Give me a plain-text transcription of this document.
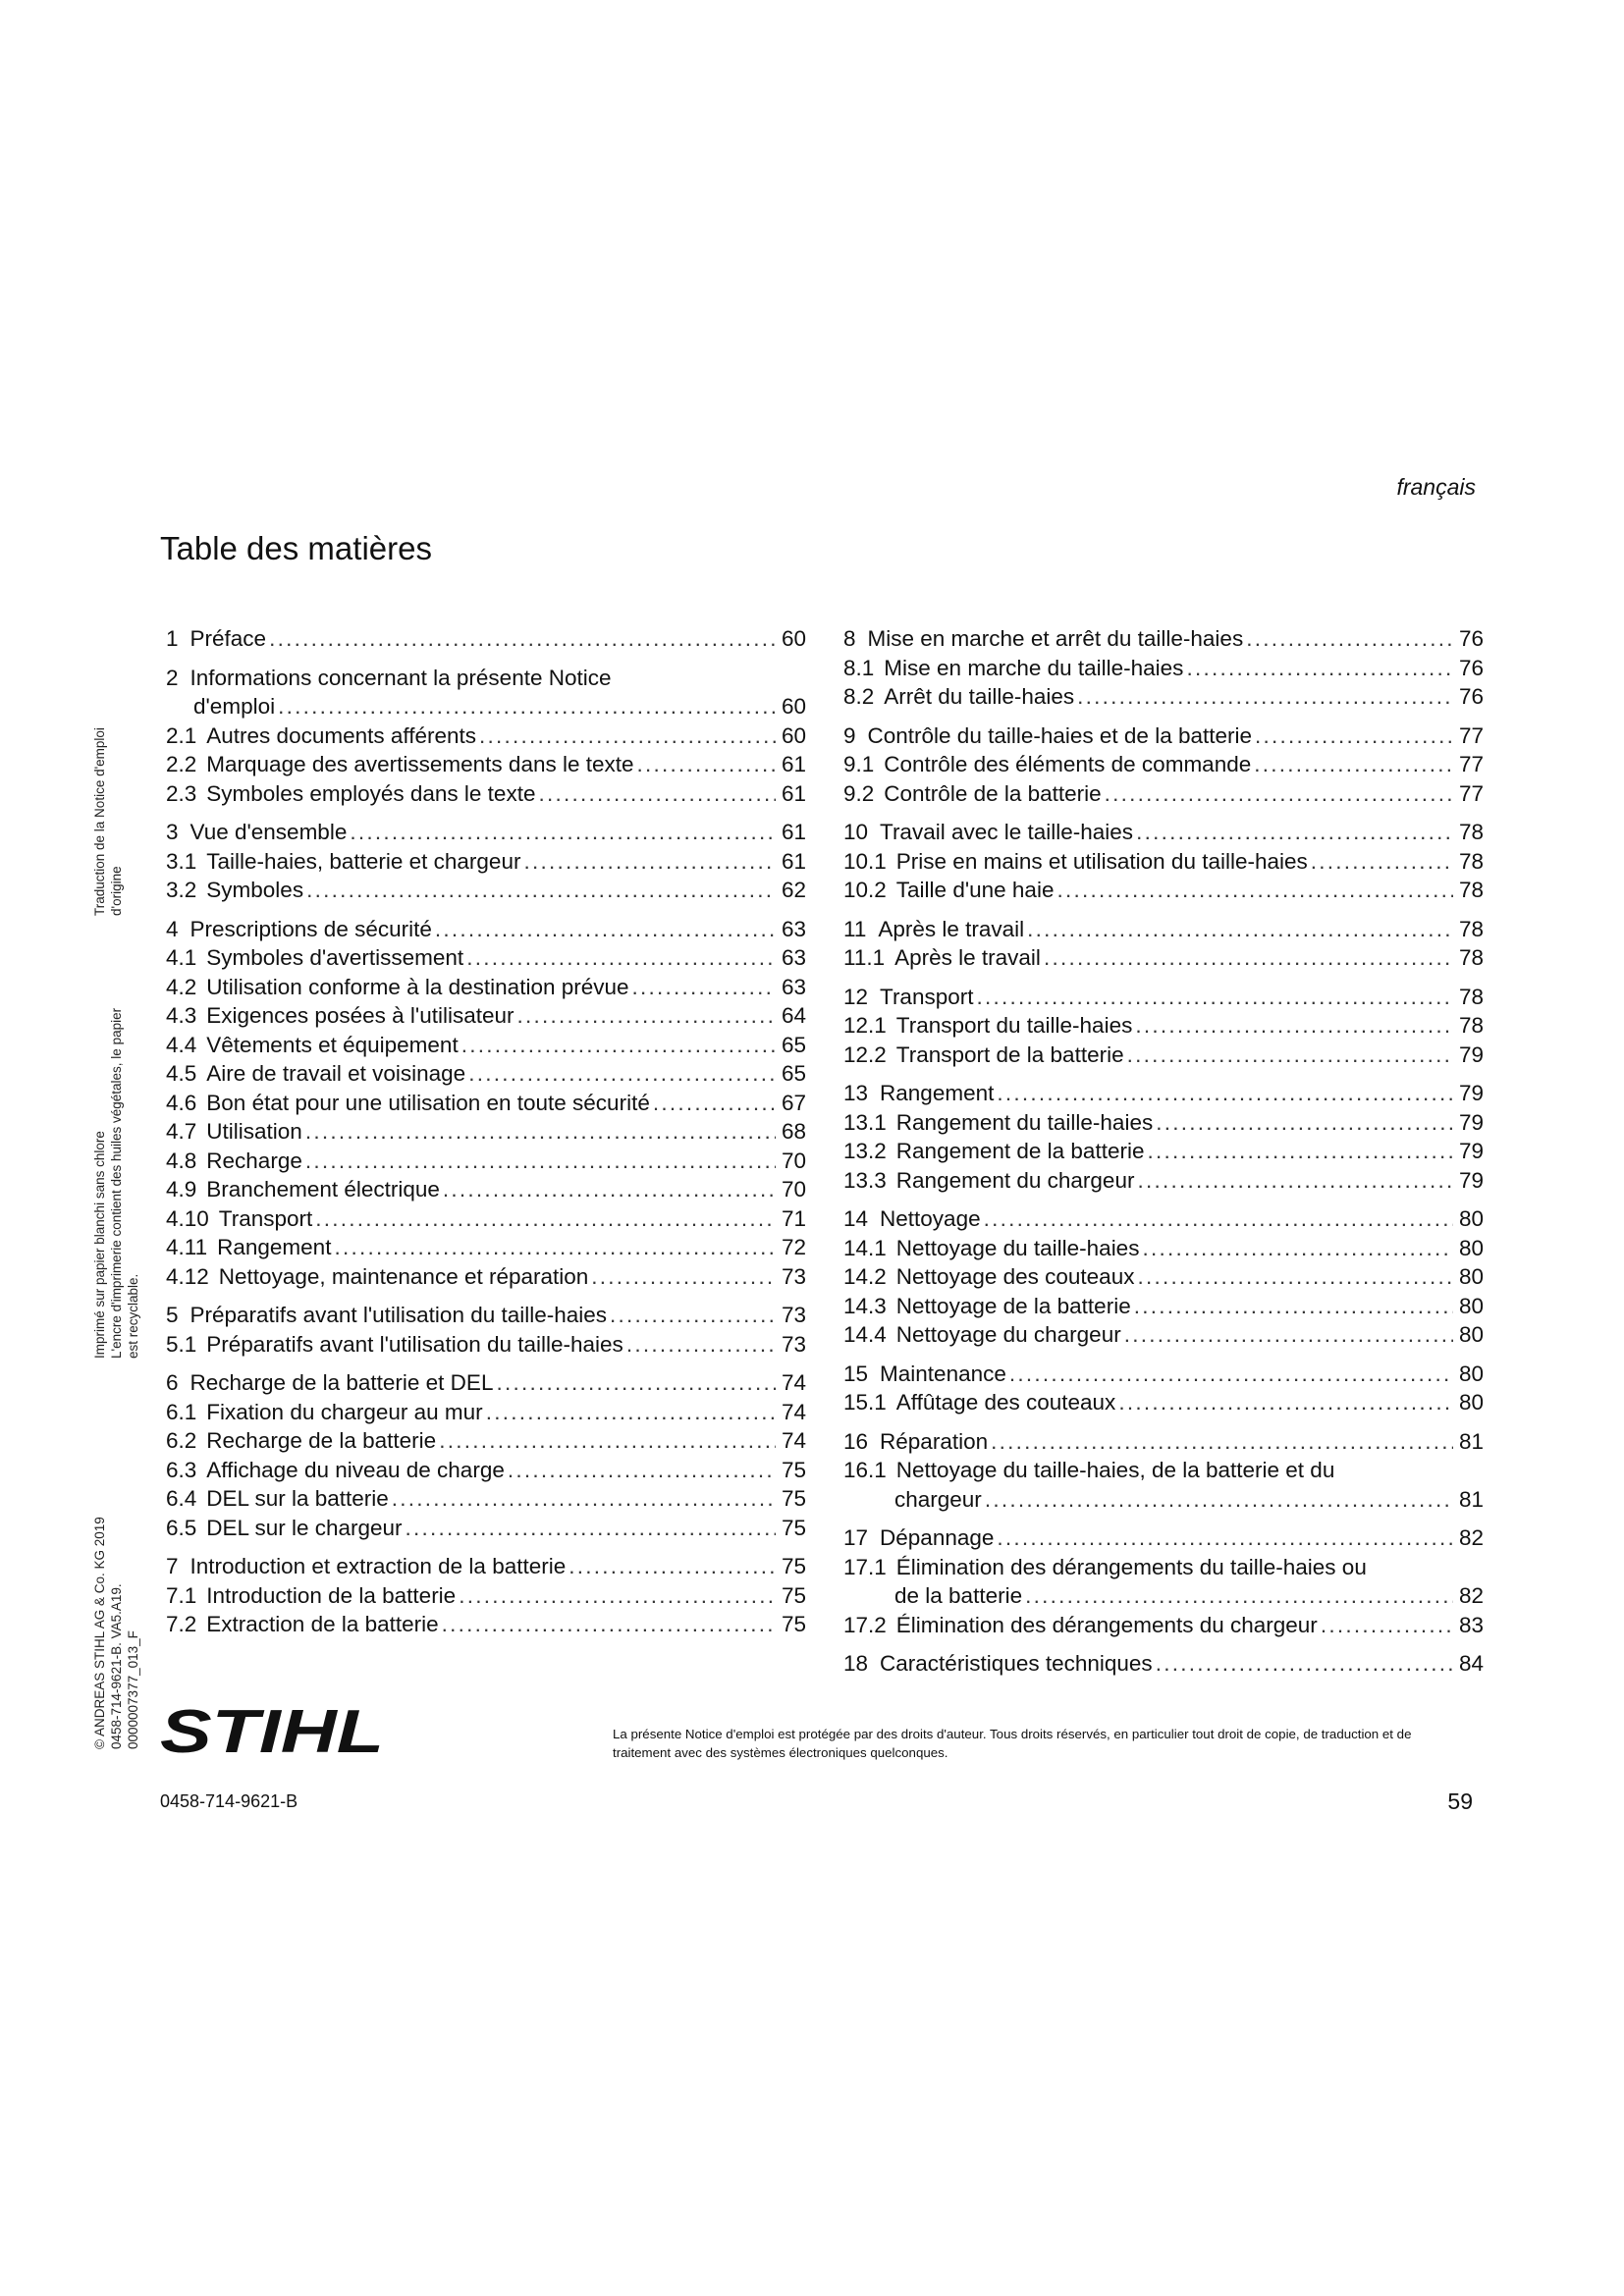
français
Table des matières
1 Préface . . .	60
2 Informations concernant la présente Notice
d'emploi . . .	60
2.1 Autres documents afférents . . .	60
2.2 Marquage des avertissements dans le texte . . .	61
2.3 Symboles employés dans le texte . . .	61
3 Vue d'ensemble . . .	61
3.1 Taille-haies, batterie et chargeur . . .	61
3.2 Symboles . . .	62
4 Prescriptions de sécurité . . .	63
4.1 Symboles d'avertissement . . .	63
4.2 Utilisation conforme à la destination prévue . . .	63
4.3 Exigences posées à l'utilisateur . . .	64
4.4 Vêtements et équipement . . .	65
4.5 Aire de travail et voisinage . . .	65
4.6 Bon état pour une utilisation en toute sécurité . . .	67
4.7 Utilisation . . .	68
4.8 Recharge . . .	70
4.9 Branchement électrique . . .	70
4.10 Transport . . .	71
4.11 Rangement . . .	72
4.12 Nettoyage, maintenance et réparation . . .	73
5 Préparatifs avant l'utilisation du taille-haies . . .	73
5.1 Préparatifs avant l'utilisation du taille-haies . . .	73
6 Recharge de la batterie et DEL . . .	74
6.1 Fixation du chargeur au mur . . .	74
6.2 Recharge de la batterie . . .	74
6.3 Affichage du niveau de charge . . .	75
6.4 DEL sur la batterie . . .	75
6.5 DEL sur le chargeur . . .	75
7 Introduction et extraction de la batterie . . .	75
7.1 Introduction de la batterie . . .	75
7.2 Extraction de la batterie . . .	75
8 Mise en marche et arrêt du taille-haies . . .	76
8.1 Mise en marche du taille-haies . . .	76
8.2 Arrêt du taille-haies . . .	76
9 Contrôle du taille-haies et de la batterie . . .	77
9.1 Contrôle des éléments de commande . . .	77
9.2 Contrôle de la batterie . . .	77
10 Travail avec le taille-haies . . .	78
10.1 Prise en mains et utilisation du taille-haies . . .	78
10.2 Taille d'une haie . . .	78
11 Après le travail . . .	78
11.1 Après le travail . . .	78
12 Transport . . .	78
12.1 Transport du taille-haies . . .	78
12.2 Transport de la batterie . . .	79
13 Rangement . . .	79
13.1 Rangement du taille-haies . . .	79
13.2 Rangement de la batterie . . .	79
13.3 Rangement du chargeur . . .	79
14 Nettoyage . . .	80
14.1 Nettoyage du taille-haies . . .	80
14.2 Nettoyage des couteaux . . .	80
14.3 Nettoyage de la batterie . . .	80
14.4 Nettoyage du chargeur . . .	80
15 Maintenance . . .	80
15.1 Affûtage des couteaux . . .	80
16 Réparation . . .	81
16.1 Nettoyage du taille-haies, de la batterie et du
chargeur . . .	81
17 Dépannage . . .	82
17.1 Élimination des dérangements du taille-haies ou
de la batterie . . .	82
17.2 Élimination des dérangements du chargeur . . .	83
18 Caractéristiques techniques . . .	84
Traduction de la Notice d'emploi d'origine
Imprimé sur papier blanchi sans chlore L'encre d'imprimerie contient des huiles végétales, le papier est recyclable.
© ANDREAS STIHL AG & Co. KG 2019 0458-714-9621-B. VA5.A19. 0000007377_013_F STIHL	La présente Notice d'emploi est protégée par des droits d'auteur. Tous droits réservés, en particulier tout droit de copie, de traduction et de traitement avec des systèmes électroniques quelconques.
0458-714-9621-B	59
